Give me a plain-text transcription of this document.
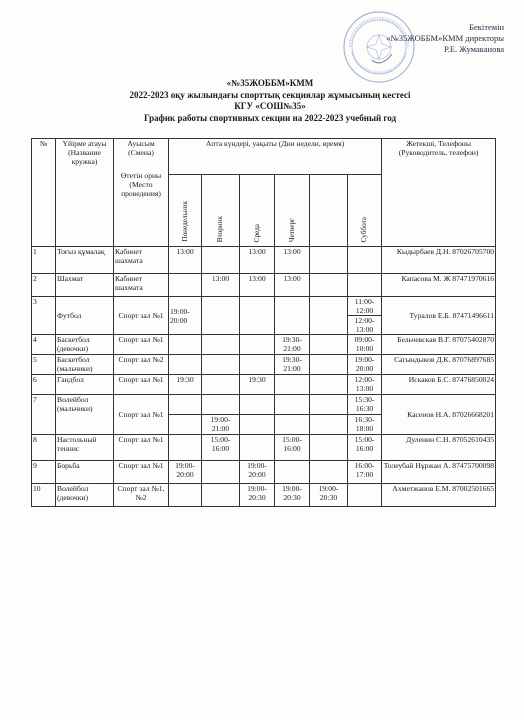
Бекітемін
«№35ЖОББМ»КММ директоры
Р.Е. Жумаканова
«№35ЖОББМ»КММ
2022-2023 оқу жылындағы спорттық секциялар жұмысының кестесі
КГУ «СОШ№35»
График работы спортивных секции на 2022-2023 учебный год
№	Үйірме атауы (Название кружка)	Ауысым (Смена)
Өтетін орны (Место проведения)	Апта күндері, уақыты (Дни недели, время)						Жетекші, Телефоны (Руководитель, телефон)
			Понедельник	Вторник	Среда	Четверг		Суббота	
1	Тоғыз құмалақ	Кабинет шахмата	13:00		13:00	13:00			Кыдырбаев Д.Н. 87026705700
2	Шахмат	Кабинет шахмата		13:00	13:00	13:00			Капасова М. Ж 87471970616
3	Футбол	Спорт зал №1	19:00-20:00					11:00-12:00	Туралов Е.Б. 87471496611
								12:00-13:00	
4	Баскетбол (девочки)	Спорт зал №1				19:30-21:00		09:00-10:00	Бельчевская В.Г. 87075402870
5	Баскетбол (мальчики)	Спорт зал №2				19:30-21:00		19:00-20:00	Сагындыков Д.К. 87076897685
6	Гандбол	Спорт зал №1	19:30		19:30			12:00-13:00	Искаков Б.С. 87476850024
7	Волейбол (мальчики)	Спорт зал №1						15:30-16:30	Касенов Н.А. 87026668201
				19:00-21:00				16:30-18:00	
8	Настольный теннис	Спорт зал №1		15:00-16:00		15:00-16:00		15:00-16:00	Дуленин С.Н. 87052610435
9	Борьба	Спорт зал №1	19:00-20:00		19:00-20:00			16:00-17:00	Толеубай Нұржан А. 87475700098
10	Волейбол (девочки)	Спорт зал №1, №2			19:00-20:30	19:00-20:30	19:00-20:30		Ахметжанов Е.М. 87002501665
